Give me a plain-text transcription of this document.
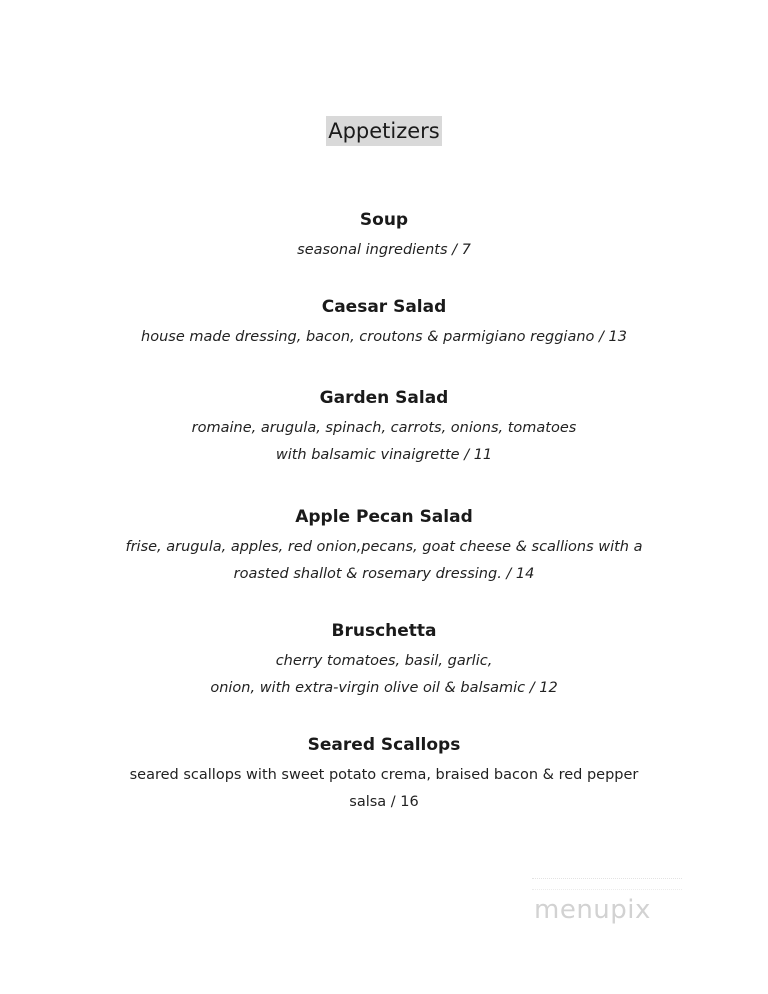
Appetizers
Soup
seasonal ingredients / 7
Caesar Salad
house made dressing, bacon, croutons & parmigiano reggiano / 13
Garden Salad
romaine, arugula, spinach, carrots, onions, tomatoes
with balsamic vinaigrette / 11
Apple Pecan Salad
frise, arugula, apples, red onion,pecans, goat cheese & scallions with a
roasted shallot & rosemary dressing. / 14
Bruschetta
cherry tomatoes, basil, garlic,
onion, with extra-virgin olive oil & balsamic / 12
Seared Scallops
seared scallops with sweet potato crema, braised bacon & red pepper
salsa / 16
menupix
